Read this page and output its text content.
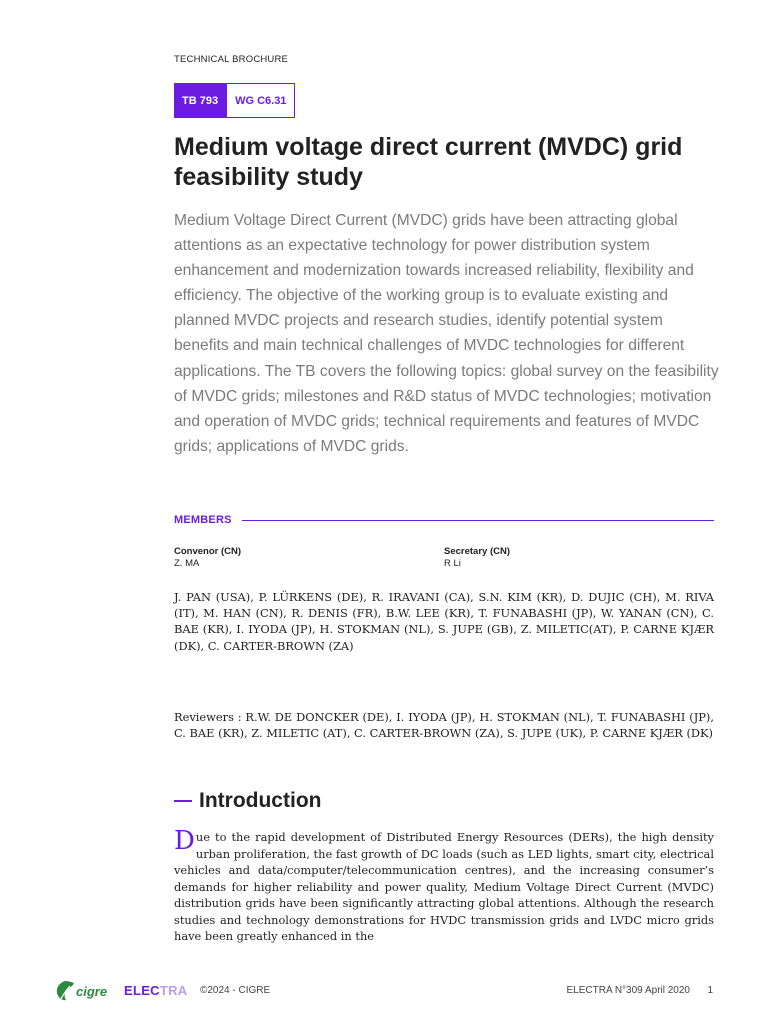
TECHNICAL BROCHURE
TB 793	WG C6.31
Medium voltage direct current (MVDC) grid feasibility study

Medium Voltage Direct Current (MVDC) grids have been attracting global attentions as an expectative technology for power distribution system enhancement and modernization towards increased reliability, flexibility and efficiency. The objective of the working group is to evaluate existing and planned MVDC projects and research studies, identify potential system benefits and main technical challenges of MVDC technologies for different applications. The TB covers the following topics: global survey on the feasibility of MVDC grids; milestones and R&D status of MVDC technologies; motivation and operation of MVDC grids; technical requirements and features of MVDC grids; applications of MVDC grids.

MEMBERS
Convenor (CN)
Z. MA
Secretary (CN)
R Li

J. PAN (USA), P. LÜRKENS (DE), R. IRAVANI (CA), S.N. KIM (KR), D. DUJIC (CH), M. RIVA (IT), M. HAN (CN), R. DENIS (FR), B.W. LEE (KR), T. FUNABASHI (JP), W. YANAN (CN), C. BAE (KR), I. IYODA (JP), H. STOKMAN (NL), S. JUPE (GB), Z. MILETIC(AT), P. CARNE KJÆR (DK), C. CARTER-BROWN (ZA)

Reviewers : R.W. DE DONCKER (DE), I. IYODA (JP), H. STOKMAN (NL), T. FUNABASHI (JP), C. BAE (KR), Z. MILETIC (AT), C. CARTER-BROWN (ZA), S. JUPE (UK), P. CARNE KJÆR (DK)

Introduction

Due to the rapid development of Distributed Energy Resources (DERs), the high density urban proliferation, the fast growth of DC loads (such as LED lights, smart city, electrical vehicles and data/computer/telecommunication centres), and the increasing consumer’s demands for higher reliability and power quality, Medium Voltage Direct Current (MVDC) distribution grids have been significantly attracting global attentions. Although the research studies and technology demonstrations for HVDC transmission grids and LVDC micro grids have been greatly enhanced in the

cigre ELECTRA ©2024 - CIGRE	ELECTRA N°309 April 2020 1
